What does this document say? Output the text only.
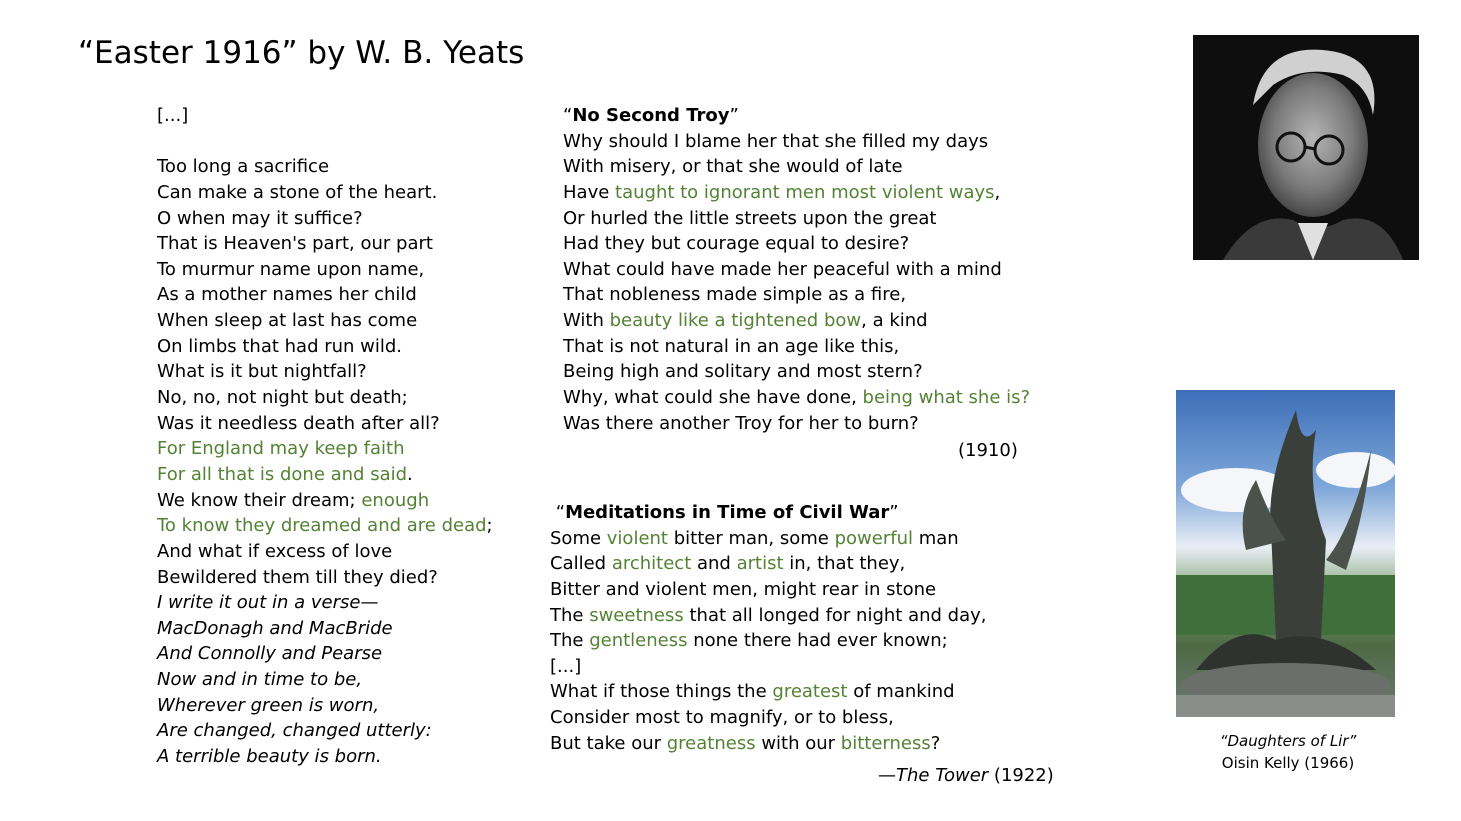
“Easter 1916” by W. B. Yeats
[...]

Too long a sacrifice
Can make a stone of the heart.
O when may it suffice?
That is Heaven's part, our part
To murmur name upon name,
As a mother names her child
When sleep at last has come
On limbs that had run wild.
What is it but nightfall?
No, no, not night but death;
Was it needless death after all?
For England may keep faith
For all that is done and said.
We know their dream; enough
To know they dreamed and are dead;
And what if excess of love
Bewildered them till they died?
I write it out in a verse—
MacDonagh and MacBride
And Connolly and Pearse
Now and in time to be,
Wherever green is worn,
Are changed, changed utterly:
A terrible beauty is born.
“No Second Troy”
Why should I blame her that she filled my days
With misery, or that she would of late
Have taught to ignorant men most violent ways,
Or hurled the little streets upon the great
Had they but courage equal to desire?
What could have made her peaceful with a mind
That nobleness made simple as a fire,
With beauty like a tightened bow, a kind
That is not natural in an age like this,
Being high and solitary and most stern?
Why, what could she have done, being what she is?
Was there another Troy for her to burn?
(1910)
“Meditations in Time of Civil War”
Some violent bitter man, some powerful man
Called architect and artist in, that they,
Bitter and violent men, might rear in stone
The sweetness that all longed for night and day,
The gentleness none there had ever known;
[...]
What if those things the greatest of mankind
Consider most to magnify, or to bless,
But take our greatness with our bitterness?
—The Tower (1922)
“Daughters of Lir”
Oisin Kelly (1966)
